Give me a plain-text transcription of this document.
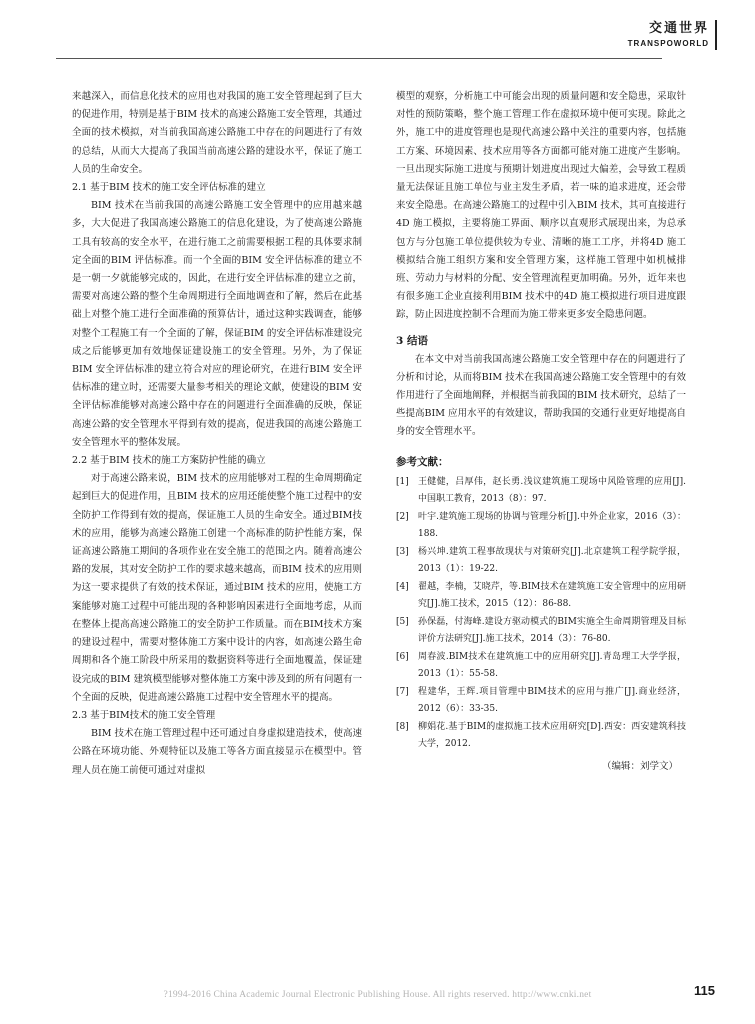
交通世界
TRANSPOWORLD

来越深入，而信息化技术的应用也对我国的施工安全管理起到了巨大的促进作用，特别是基于BIM 技术的高速公路施工安全管理，其通过全面的技术模拟，对当前我国高速公路施工中存在的问题进行了有效的总结，从而大大提高了我国当前高速公路的建设水平，保证了施工人员的生命安全。

2.1 基于BIM 技术的施工安全评估标准的建立

BIM 技术在当前我国的高速公路施工安全管理中的应用越来越多，大大促进了我国高速公路施工的信息化建设，为了使高速公路施工具有较高的安全水平，在进行施工之前需要根据工程的具体要求制定全面的BIM 评估标准。而一个全面的BIM 安全评估标准的建立不是一朝一夕就能够完成的，因此，在进行安全评估标准的建立之前，需要对高速公路的整个生命周期进行全面地调查和了解，然后在此基础上对整个施工进行全面准确的预算估计，通过这种实践调查，能够对整个工程施工有一个全面的了解，保证BIM 的安全评估标准建设完成之后能够更加有效地保证建设施工的安全管理。另外，为了保证BIM 安全评估标准的建立符合对应的理论研究，在进行BIM 安全评估标准的建立时，还需要大量参考相关的理论文献，使建设的BIM 安全评估标准能够对高速公路中存在的问题进行全面准确的反映，保证高速公路的安全管理水平得到有效的提高，促进我国的高速公路施工安全管理水平的整体发展。

2.2 基于BIM 技术的施工方案防护性能的确立

对于高速公路来说，BIM 技术的应用能够对工程的生命周期确定起到巨大的促进作用，且BIM 技术的应用还能使整个施工过程中的安全防护工作得到有效的提高，保证施工人员的生命安全。通过BIM技术的应用，能够为高速公路施工创建一个高标准的防护性能方案，保证高速公路施工期间的各项作业在安全施工的范围之内。随着高速公路的发展，其对安全防护工作的要求越来越高，而BIM 技术的应用则为这一要求提供了有效的技术保证，通过BIM 技术的应用，使施工方案能够对施工过程中可能出现的各种影响因素进行全面地考虑，从而在整体上提高高速公路施工的安全防护工作质量。而在BIM技术方案的建设过程中，需要对整体施工方案中设计的内容，如高速公路生命周期和各个施工阶段中所采用的数据资料等进行全面地覆盖，保证建设完成的BIM 建筑模型能够对整体施工方案中涉及到的所有问题有一个全面的反映，促进高速公路施工过程中安全管理水平的提高。

2.3 基于BIM技术的施工安全管理

BIM 技术在施工管理过程中还可通过自身虚拟建造技术，使高速公路在环境功能、外观特征以及施工等各方面直接显示在模型中。管理人员在施工前便可通过对虚拟

模型的观察，分析施工中可能会出现的质量问题和安全隐患，采取针对性的预防策略，整个施工管理工作在虚拟环境中便可实现。除此之外，施工中的进度管理也是现代高速公路中关注的重要内容，包括施工方案、环境因素、技术应用等各方面都可能对施工进度产生影响。一旦出现实际施工进度与预期计划进度出现过大偏差，会导致工程质量无法保证且施工单位与业主发生矛盾，若一味的追求进度，还会带来安全隐患。在高速公路施工的过程中引入BIM 技术，其可直接进行4D 施工模拟，主要将施工界面、顺序以直观形式展现出来，为总承包方与分包施工单位提供较为专业、清晰的施工工序，并将4D 施工模拟结合施工组织方案和安全管理方案，这样施工管理中如机械排班、劳动力与材料的分配、安全管理流程更加明确。另外，近年来也有很多施工企业直接利用BIM 技术中的4D 施工模拟进行项目进度跟踪，防止因进度控制不合理而为施工带来更多安全隐患问题。

3 结语

在本文中对当前我国高速公路施工安全管理中存在的问题进行了分析和讨论，从而将BIM 技术在我国高速公路施工安全管理中的有效作用进行了全面地阐释，并根据当前我国的BIM 技术研究，总结了一些提高BIM 应用水平的有效建议，帮助我国的交通行业更好地提高自身的安全管理水平。

参考文献：
[1]	王健健，吕厚伟，赵长勇.浅议建筑施工现场中风险管理的应用[J].中国职工教育，2013（8）：97.
[2]	叶宇.建筑施工现场的协调与管理分析[J].中外企业家，2016（3）：188.
[3]	杨兴坤.建筑工程事故现状与对策研究[J].北京建筑工程学院学报，2013（1）：19-22.
[4]	翟越，李楠，艾晓芹，等.BIM技术在建筑施工安全管理中的应用研究[J].施工技术，2015（12）：86-88.
[5]	孙保磊，付海峰.建设方驱动模式的BIM实施全生命周期管理及目标评价方法研究[J].施工技术，2014（3）：76-80.
[6]	周春波.BIM技术在建筑施工中的应用研究[J].青岛理工大学学报，2013（1）：55-58.
[7]	程建华，王辉.项目管理中BIM技术的应用与推广[J].商业经济，2012（6）：33-35.
[8]	柳娟花.基于BIM的虚拟施工技术应用研究[D].西安：西安建筑科技大学，2012.
（编辑：刘学文）
115
?1994-2016 China Academic Journal Electronic Publishing House. All rights reserved. http://www.cnki.net
